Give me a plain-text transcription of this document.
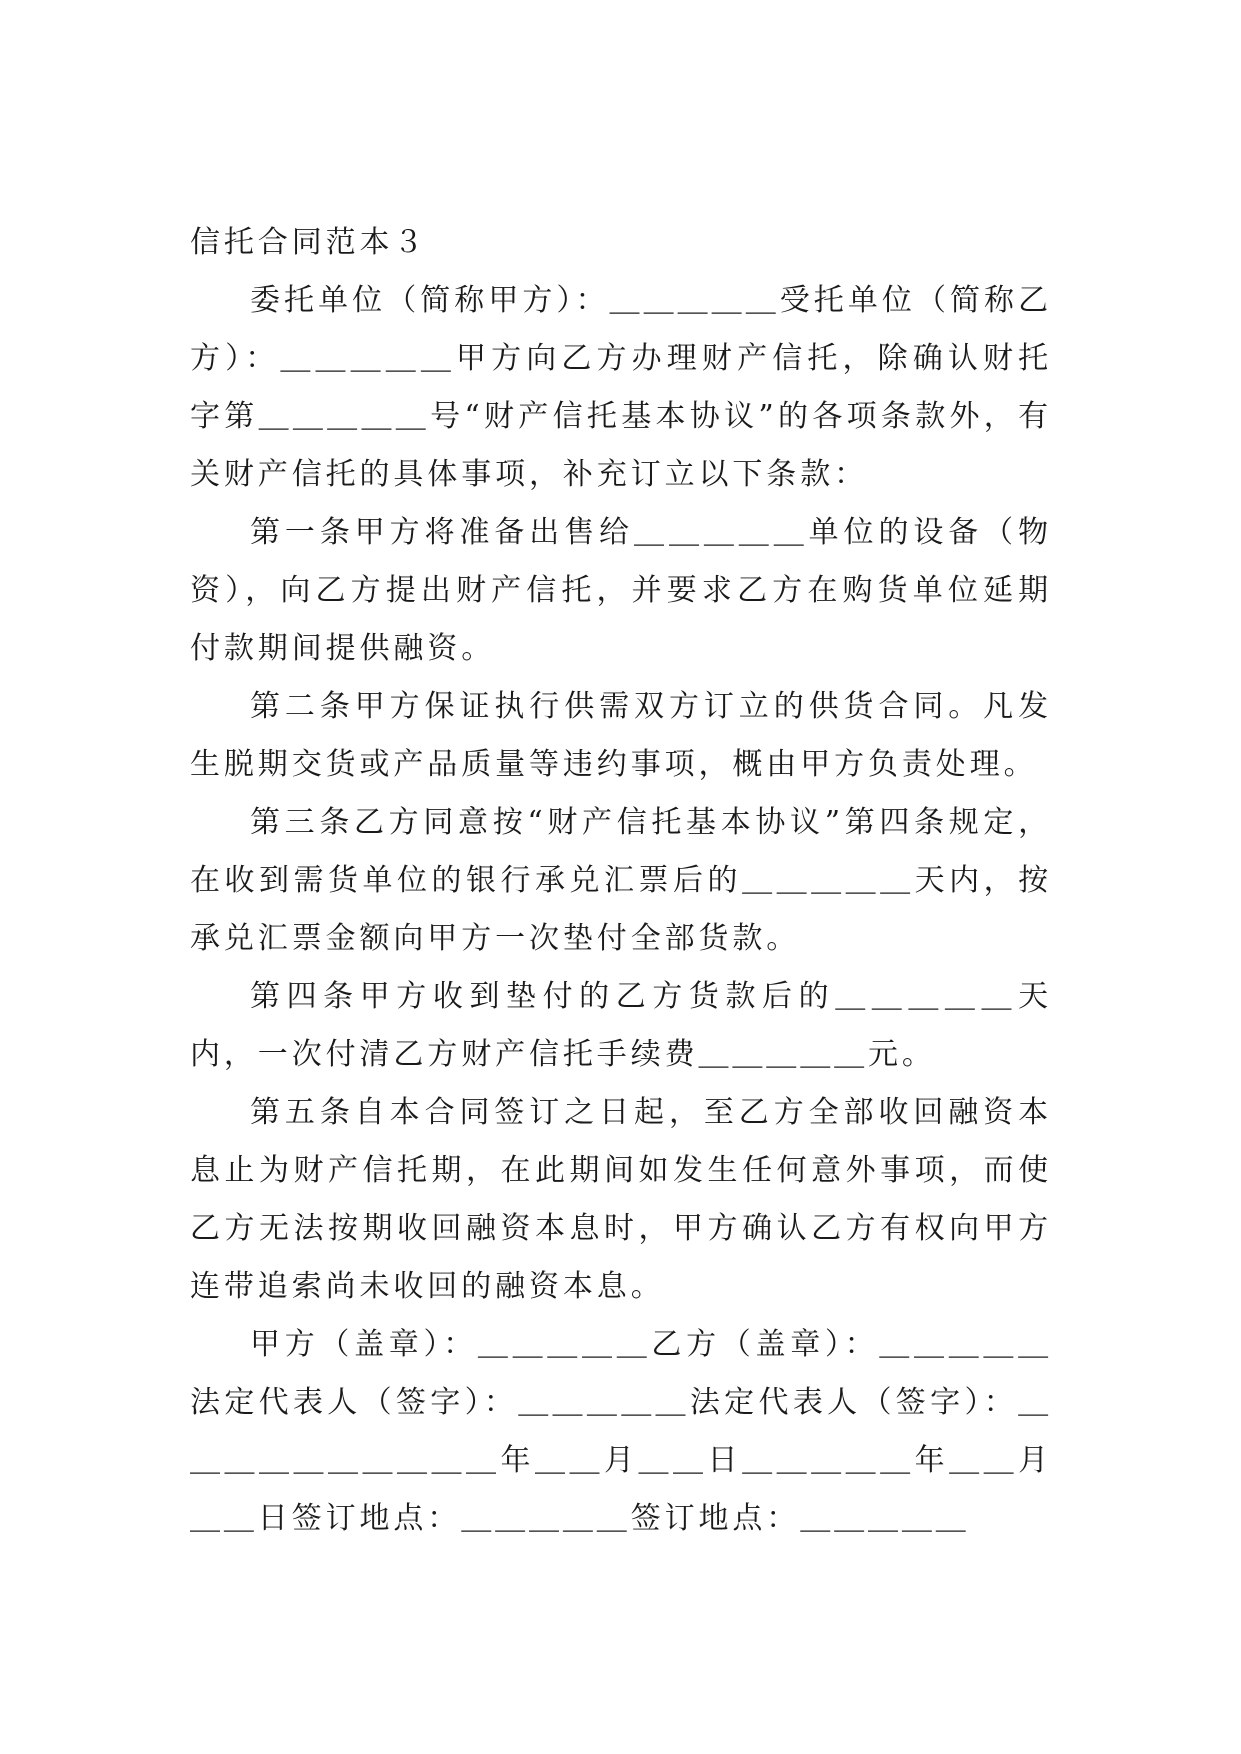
信托合同范本３

委托单位（简称甲方）：＿＿＿＿＿受托单位（简称乙方）：＿＿＿＿＿甲方向乙方办理财产信托，除确认财托字第＿＿＿＿＿号“财产信托基本协议”的各项条款外，有关财产信托的具体事项，补充订立以下条款：

第一条甲方将准备出售给＿＿＿＿＿单位的设备（物资），向乙方提出财产信托，并要求乙方在购货单位延期付款期间提供融资。

第二条甲方保证执行供需双方订立的供货合同。凡发生脱期交货或产品质量等违约事项，概由甲方负责处理。

第三条乙方同意按“财产信托基本协议”第四条规定，在收到需货单位的银行承兑汇票后的＿＿＿＿＿天内，按承兑汇票金额向甲方一次垫付全部货款。

第四条甲方收到垫付的乙方货款后的＿＿＿＿＿天内，一次付清乙方财产信托手续费＿＿＿＿＿元。

第五条自本合同签订之日起，至乙方全部收回融资本息止为财产信托期，在此期间如发生任何意外事项，而使乙方无法按期收回融资本息时，甲方确认乙方有权向甲方连带追索尚未收回的融资本息。

甲方（盖章）：＿＿＿＿＿乙方（盖章）：＿＿＿＿＿法定代表人（签字）：＿＿＿＿＿法定代表人（签字）：＿＿＿＿＿＿＿＿＿＿年＿＿月＿＿日＿＿＿＿＿年＿＿月＿＿日签订地点：＿＿＿＿＿签订地点：＿＿＿＿＿
